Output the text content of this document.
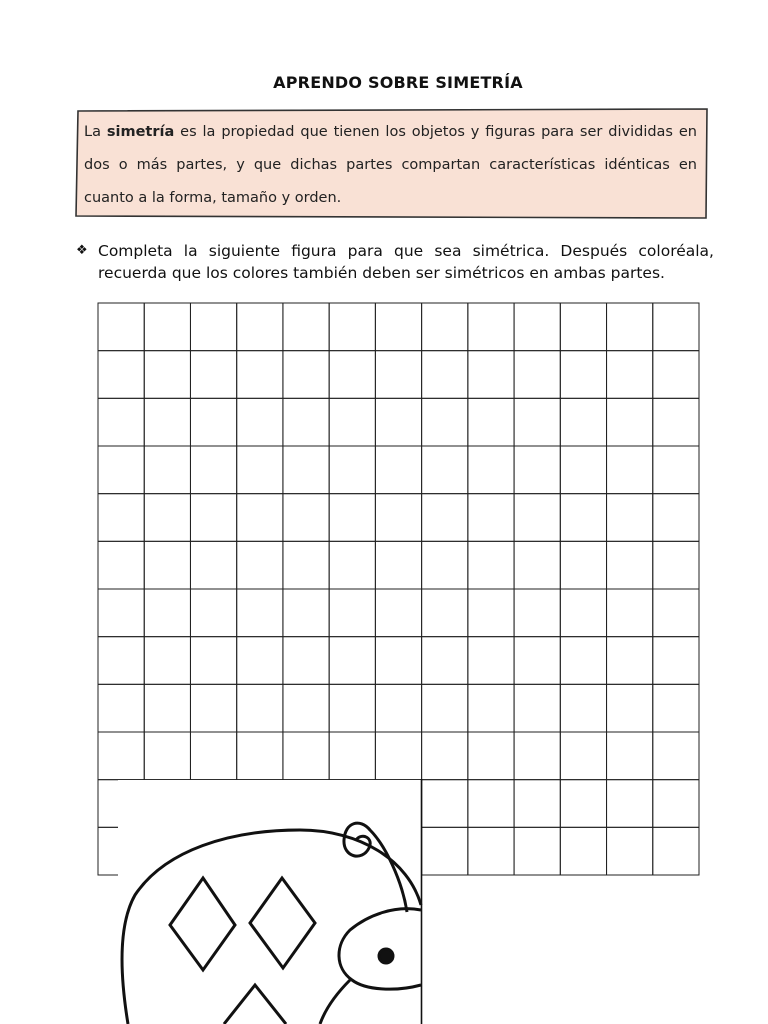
APRENDO SOBRE SIMETRÍA
La simetría es la propiedad que tienen los objetos y figuras para ser divididas en dos o más partes, y que dichas partes compartan características idénticas en cuanto a la forma, tamaño y orden.
❖ Completa la siguiente figura para que sea simétrica. Después coloréala, recuerda que los colores también deben ser simétricos en ambas partes.
